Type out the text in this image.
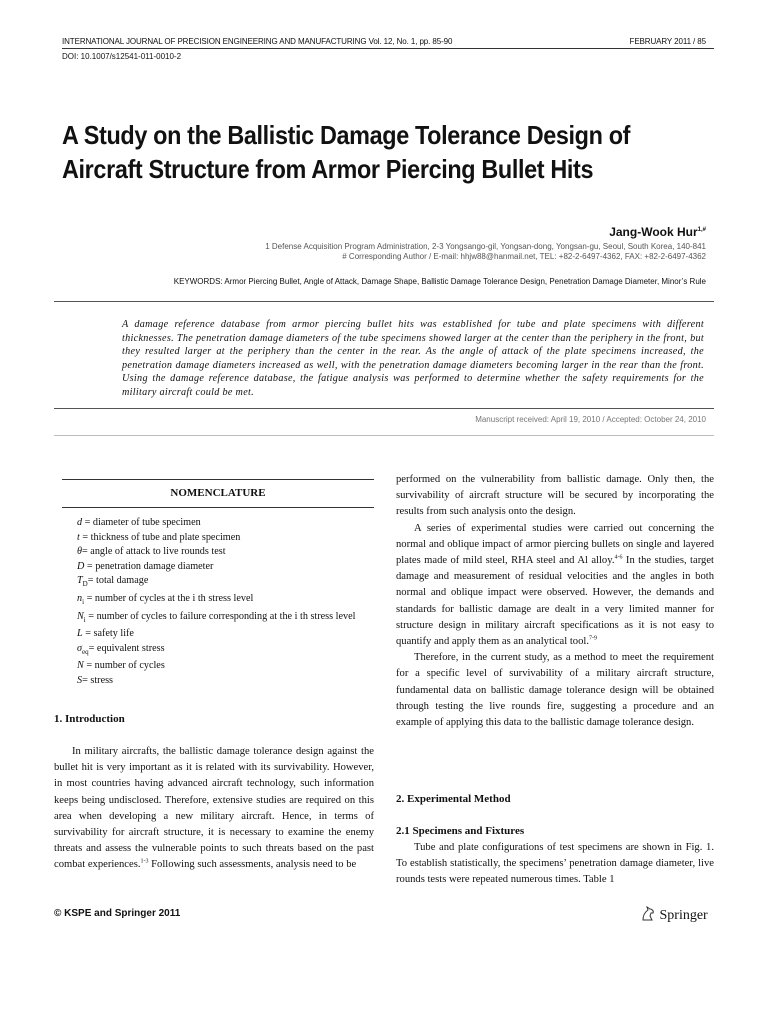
INTERNATIONAL JOURNAL OF PRECISION ENGINEERING AND MANUFACTURING Vol. 12, No. 1, pp. 85-90	FEBRUARY 2011 / 85
DOI: 10.1007/s12541-011-0010-2
A Study on the Ballistic Damage Tolerance Design of
Aircraft Structure from Armor Piercing Bullet Hits
Jang-Wook Hur$^{1,\#}$
1 Defense Acquisition Program Administration, 2-3 Yongsango-gil, Yongsan-dong, Yongsan-gu, Seoul, South Korea, 140-841
# Corresponding Author / E-mail: hhjw88@hanmail.net, TEL: +82-2-6497-4362, FAX: +82-2-6497-4362
KEYWORDS: Armor Piercing Bullet, Angle of Attack, Damage Shape, Ballistic Damage Tolerance Design, Penetration Damage Diameter, Minor’s Rule
A damage reference database from armor piercing bullet hits was established for tube and plate specimens with different thicknesses. The penetration damage diameters of the tube specimens showed larger at the center than the periphery in the front, but they resulted larger at the periphery than the center in the rear. As the angle of attack of the plate specimens increased, the penetration damage diameters increased as well, with the penetration damage diameters becoming larger in the rear than the front. Using the damage reference database, the fatigue analysis was performed to determine whether the safety requirements for the military aircraft could be met.
Manuscript received: April 19, 2010 / Accepted: October 24, 2010
NOMENCLATURE
d = diameter of tube specimen
t = thickness of tube and plate specimen
θ= angle of attack to live rounds test
D = penetration damage diameter
$T_D=$ total damage
$n_i$ = number of cycles at the i th stress level
$N_i$ = number of cycles to failure corresponding at the i th stress level
L = safety life
$\sigma_{eq}=$ equivalent stress
N = number of cycles
S= stress
1. Introduction

In military aircrafts, the ballistic damage tolerance design against the bullet hit is very important as it is related with its survivability. However, in most countries having advanced aircraft technology, such information keeps being undisclosed. Therefore, extensive studies are required on this area when developing a new military aircraft. Hence, in terms of survivability for aircraft structure, it is necessary to examine the enemy threats and assess the vulnerable points to such threats based on the past combat experiences.$^{1-3}$ Following such assessments, analysis need to be

performed on the vulnerability from ballistic damage. Only then, the survivability of aircraft structure will be secured by incorporating the results from such analysis onto the design.

A series of experimental studies were carried out concerning the normal and oblique impact of armor piercing bullets on single and layered plates made of mild steel, RHA steel and Al alloy.$^{4-6}$ In the studies, target damage and measurement of residual velocities and the angles in both normal and oblique impact were observed. However, the demands and standards for ballistic damage are dealt in a very limited manner for structure design in military aircraft specifications as it is not easy to quantify and apply them as an analytical tool.$^{7-9}$

Therefore, in the current study, as a method to meet the requirement for a specific level of survivability of a military aircraft structure, fundamental data on ballistic damage tolerance design will be obtained through testing the live rounds fire, suggesting a procedure and an example of applying this data to the ballistic damage tolerance design.

2. Experimental Method
2.1 Specimens and Fixtures

Tube and plate configurations of test specimens are shown in Fig. 1. To establish statistically, the specimens’ penetration damage diameter, live rounds tests were repeated numerous times. Table 1

© KSPE and Springer 2011	Springer
